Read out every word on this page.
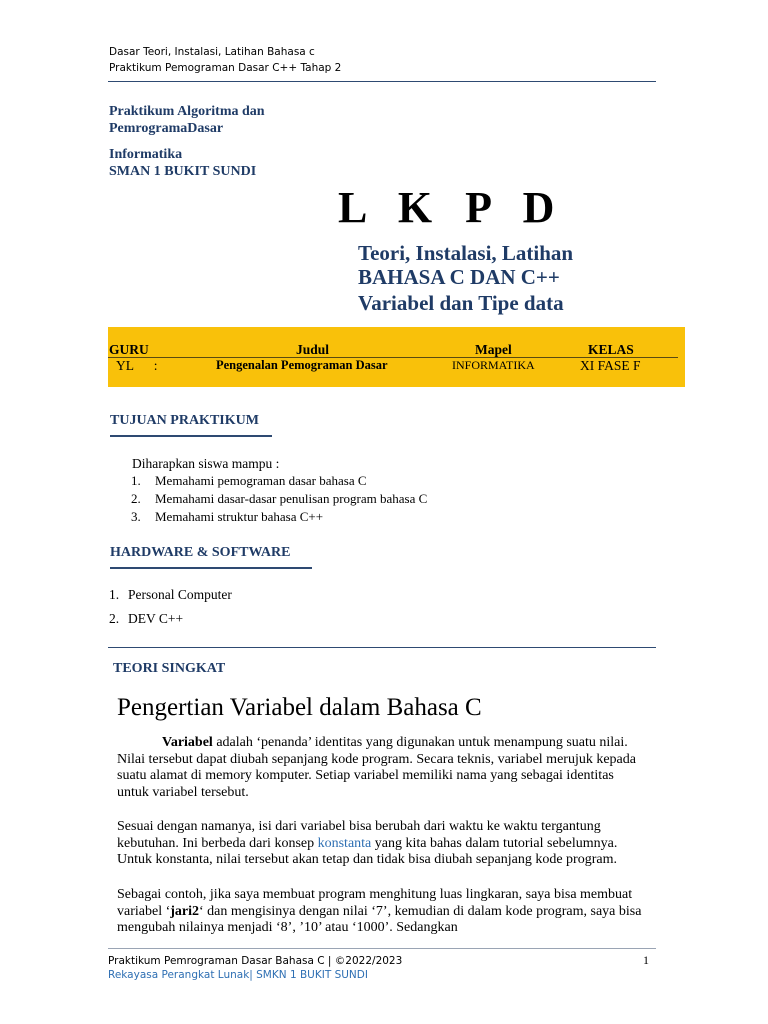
Dasar Teori, Instalasi, Latihan Bahasa c
Praktikum Pemograman Dasar C++ Tahap 2
Praktikum Algoritma dan
PemrogramaDasar
Informatika
SMAN 1 BUKIT SUNDI
L K P D
Teori, Instalasi, Latihan
BAHASA C DAN C++
Variabel dan Tipe data
GURU	Judul	Mapel	KELAS
YL      :	Pengenalan Pemograman Dasar	INFORMATIKA	XI FASE F
TUJUAN PRAKTIKUM
Diharapkan siswa mampu :
1. Memahami pemograman dasar bahasa C
2. Memahami dasar-dasar penulisan program bahasa C
3. Memahami struktur bahasa C++
HARDWARE & SOFTWARE
1. Personal Computer
2. DEV C++
TEORI SINGKAT
Pengertian Variabel dalam Bahasa C

Variabel adalah ‘penanda’ identitas yang digunakan untuk menampung suatu nilai. Nilai tersebut dapat diubah sepanjang kode program. Secara teknis, variabel merujuk kepada suatu alamat di memory komputer. Setiap variabel memiliki nama yang sebagai identitas untuk variabel tersebut.

Sesuai dengan namanya, isi dari variabel bisa berubah dari waktu ke waktu tergantung kebutuhan. Ini berbeda dari konsep konstanta yang kita bahas dalam tutorial sebelumnya. Untuk konstanta, nilai tersebut akan tetap dan tidak bisa diubah sepanjang kode program.

Sebagai contoh, jika saya membuat program menghitung luas lingkaran, saya bisa membuat variabel ‘jari2‘ dan mengisinya dengan nilai ‘7’, kemudian di dalam kode program, saya bisa mengubah nilainya menjadi ‘8’, ’10’ atau ‘1000’. Sedangkan

Praktikum Pemrograman Dasar Bahasa C | ©2022/2023
Rekayasa Perangkat Lunak| SMKN 1 BUKIT SUNDI
1
